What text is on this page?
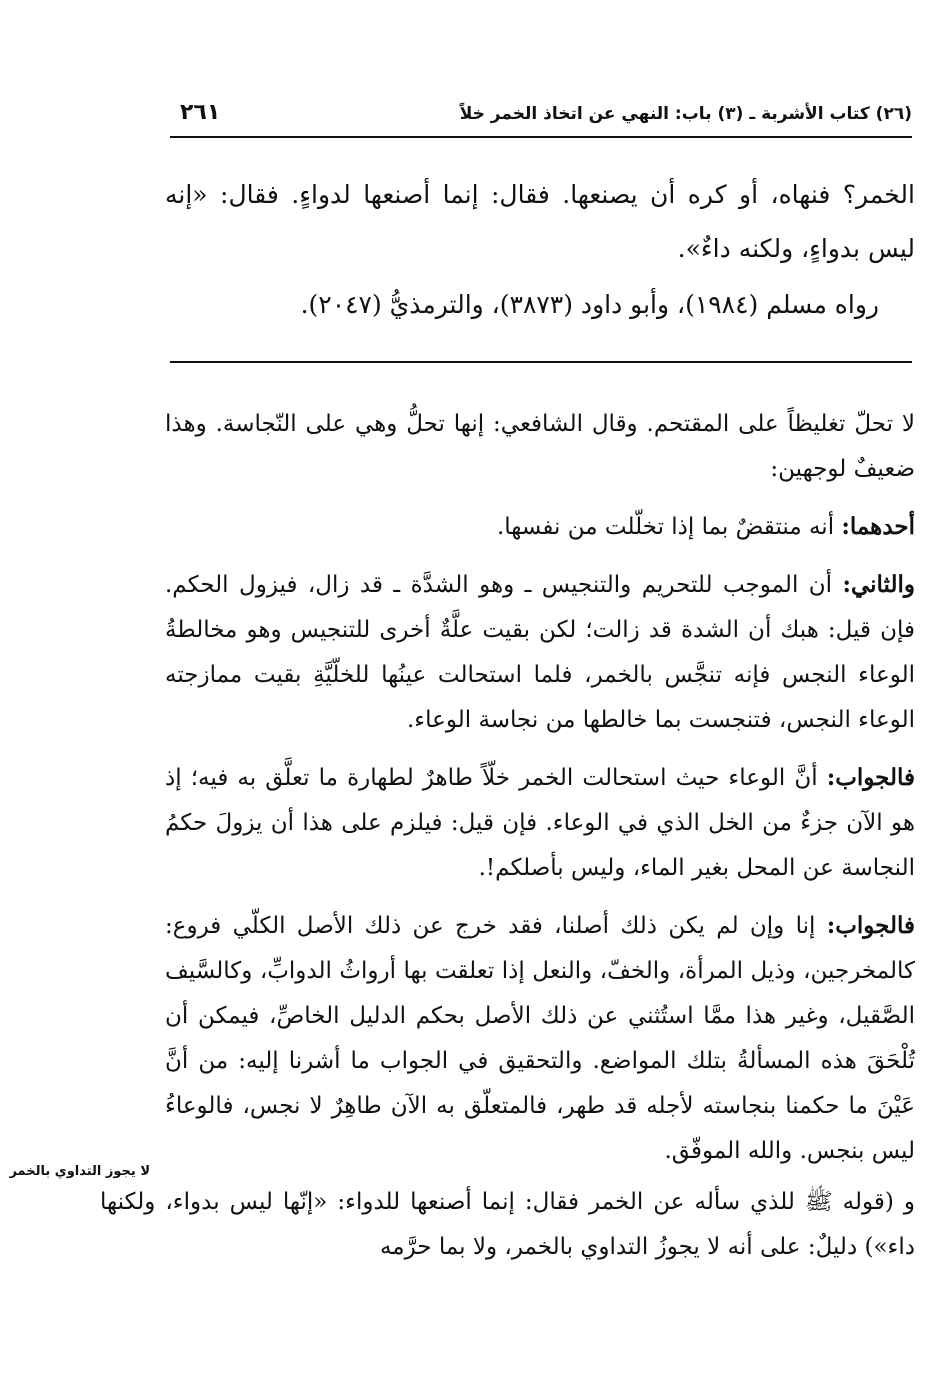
٢٦١	(٢٦) كتاب الأشربة ـ (٣) باب: النهي عن اتخاذ الخمر خلاً

الخمر؟ فنهاه، أو كره أن يصنعها. فقال: إنما أصنعها لدواءٍ. فقال: «إنه ليس بدواءٍ، ولكنه داءٌ».

رواه مسلم (١٩٨٤)، وأبو داود (٣٨٧٣)، والترمذيُّ (٢٠٤٧).

لا تحلّ تغليظاً على المقتحم. وقال الشافعي: إنها تحلُّ وهي على النّجاسة. وهذا ضعيفٌ لوجهين:

أحدهما: أنه منتقضٌ بما إذا تخلّلت من نفسها.

والثاني: أن الموجب للتحريم والتنجيس ـ وهو الشدَّة ـ قد زال، فيزول الحكم. فإن قيل: هبك أن الشدة قد زالت؛ لكن بقيت علَّةٌ أخرى للتنجيس وهو مخالطةُ الوعاء النجس فإنه تنجَّس بالخمر، فلما استحالت عينُها للخلّيَّةِ بقيت ممازجته الوعاء النجس، فتنجست بما خالطها من نجاسة الوعاء.

فالجواب: أنَّ الوعاء حيث استحالت الخمر خلّاً طاهرٌ لطهارة ما تعلَّق به فيه؛ إذ هو الآن جزءٌ من الخل الذي في الوعاء. فإن قيل: فيلزم على هذا أن يزولَ حكمُ النجاسة عن المحل بغير الماء، وليس بأصلكم!.

فالجواب: إنا وإن لم يكن ذلك أصلنا، فقد خرج عن ذلك الأصل الكلّي فروع: كالمخرجين، وذيل المرأة، والخفّ، والنعل إذا تعلقت بها أرواثُ الدوابِّ، وكالسَّيف الصَّقيل، وغير هذا ممَّا استُثني عن ذلك الأصل بحكم الدليل الخاصِّ، فيمكن أن تُلْحَقَ هذه المسألةُ بتلك المواضع. والتحقيق في الجواب ما أشرنا إليه: من أنَّ عَيْنَ ما حكمنا بنجاسته لأجله قد طهر، فالمتعلّق به الآن طاهِرٌ لا نجس، فالوعاءُ ليس بنجس. والله الموفّق.

لا يجوز التداوي بالخمر

و (قوله ﷺ للذي سأله عن الخمر فقال: إنما أصنعها للدواء: «إنّها ليس بدواء، ولكنها داء») دليلٌ: على أنه لا يجوزُ التداوي بالخمر، ولا بما حرَّمه
